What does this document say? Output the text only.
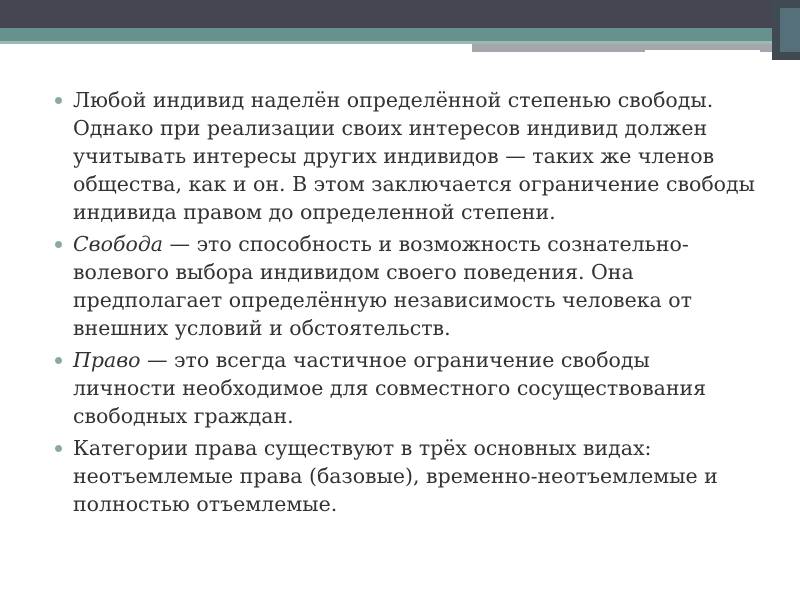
Любой индивид наделён определённой степенью свободы. Однако при реализации своих интересов индивид должен учитывать интересы других индивидов — таких же членов общества, как и он. В этом заключается ограничение свободы индивида правом до определенной степени.
Свобода — это способность и возможность сознательно-волевого выбора индивидом своего поведения. Она предполагает определённую независимость человека от внешних условий и обстоятельств.
Право — это всегда частичное ограничение свободы личности необходимое для совместного сосуществования свободных граждан.
Категории права существуют в трёх основных видах: неотъемлемые права (базовые), временно-неотъемлемые и полностью отъемлемые.
